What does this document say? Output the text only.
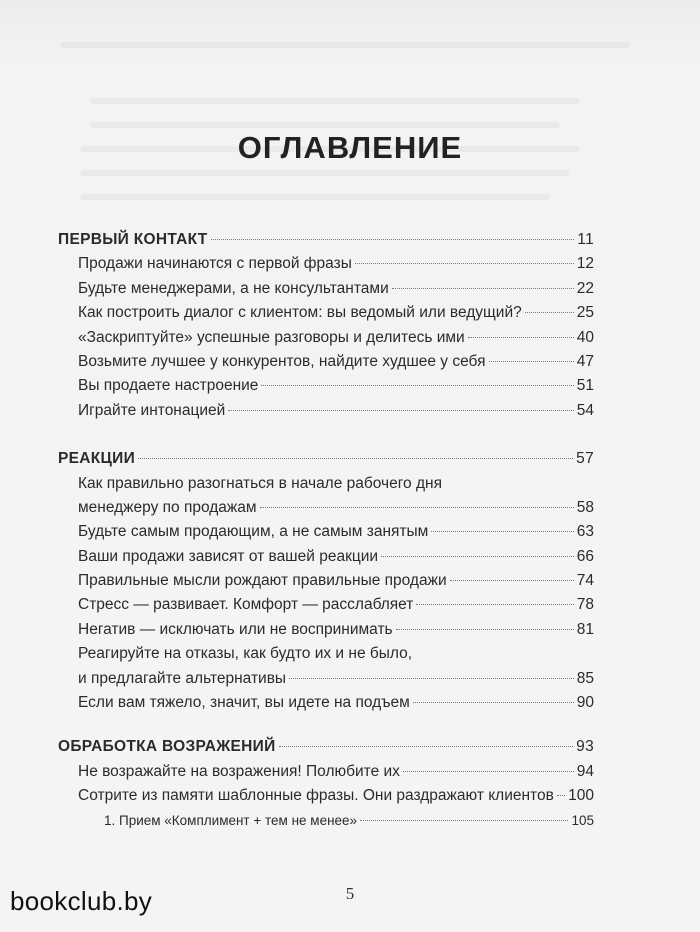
ОГЛАВЛЕНИЕ
ПЕРВЫЙ КОНТАКТ	11
Продажи начинаются с первой фразы	12
Будьте менеджерами, а не консультантами	22
Как построить диалог с клиентом: вы ведомый или ведущий?	25
«Заскриптуйте» успешные разговоры и делитесь ими	40
Возьмите лучшее у конкурентов, найдите худшее у себя	47
Вы продаете настроение	51
Играйте интонацией	54
РЕАКЦИИ	57
Как правильно разогнаться в начале рабочего дня
менеджеру по продажам	58
Будьте самым продающим, а не самым занятым	63
Ваши продажи зависят от вашей реакции	66
Правильные мысли рождают правильные продажи	74
Стресс — развивает. Комфорт — расслабляет	78
Негатив — исключать или не воспринимать	81
Реагируйте на отказы, как будто их и не было,
и предлагайте альтернативы	85
Если вам тяжело, значит, вы идете на подъем	90
ОБРАБОТКА ВОЗРАЖЕНИЙ	93
Не возражайте на возражения! Полюбите их	94
Сотрите из памяти шаблонные фразы. Они раздражают клиентов 100
1. Прием «Комплимент + тем не менее»	105
5
bookclub.by
